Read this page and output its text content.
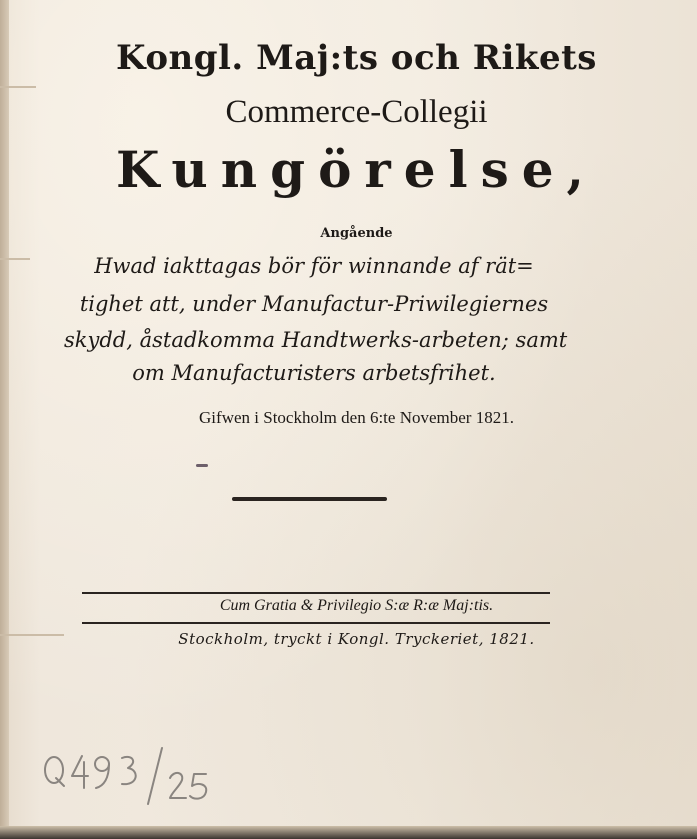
Kongl. Maj:ts och Rikets
Commerce-Collegii
Kungörelse,
Angående
Hwad iakttagas bör för winnande af rät=
tighet att, under Manufactur-Priwilegiernes
skydd, åstadkomma Handtwerks-arbeten; samt
om Manufacturisters arbetsfrihet.
Gifwen i Stockholm den 6:te November 1821.
Cum Gratia & Privilegio S:æ R:æ Maj:tis.
Stockholm, tryckt i Kongl. Tryckeriet, 1821.
